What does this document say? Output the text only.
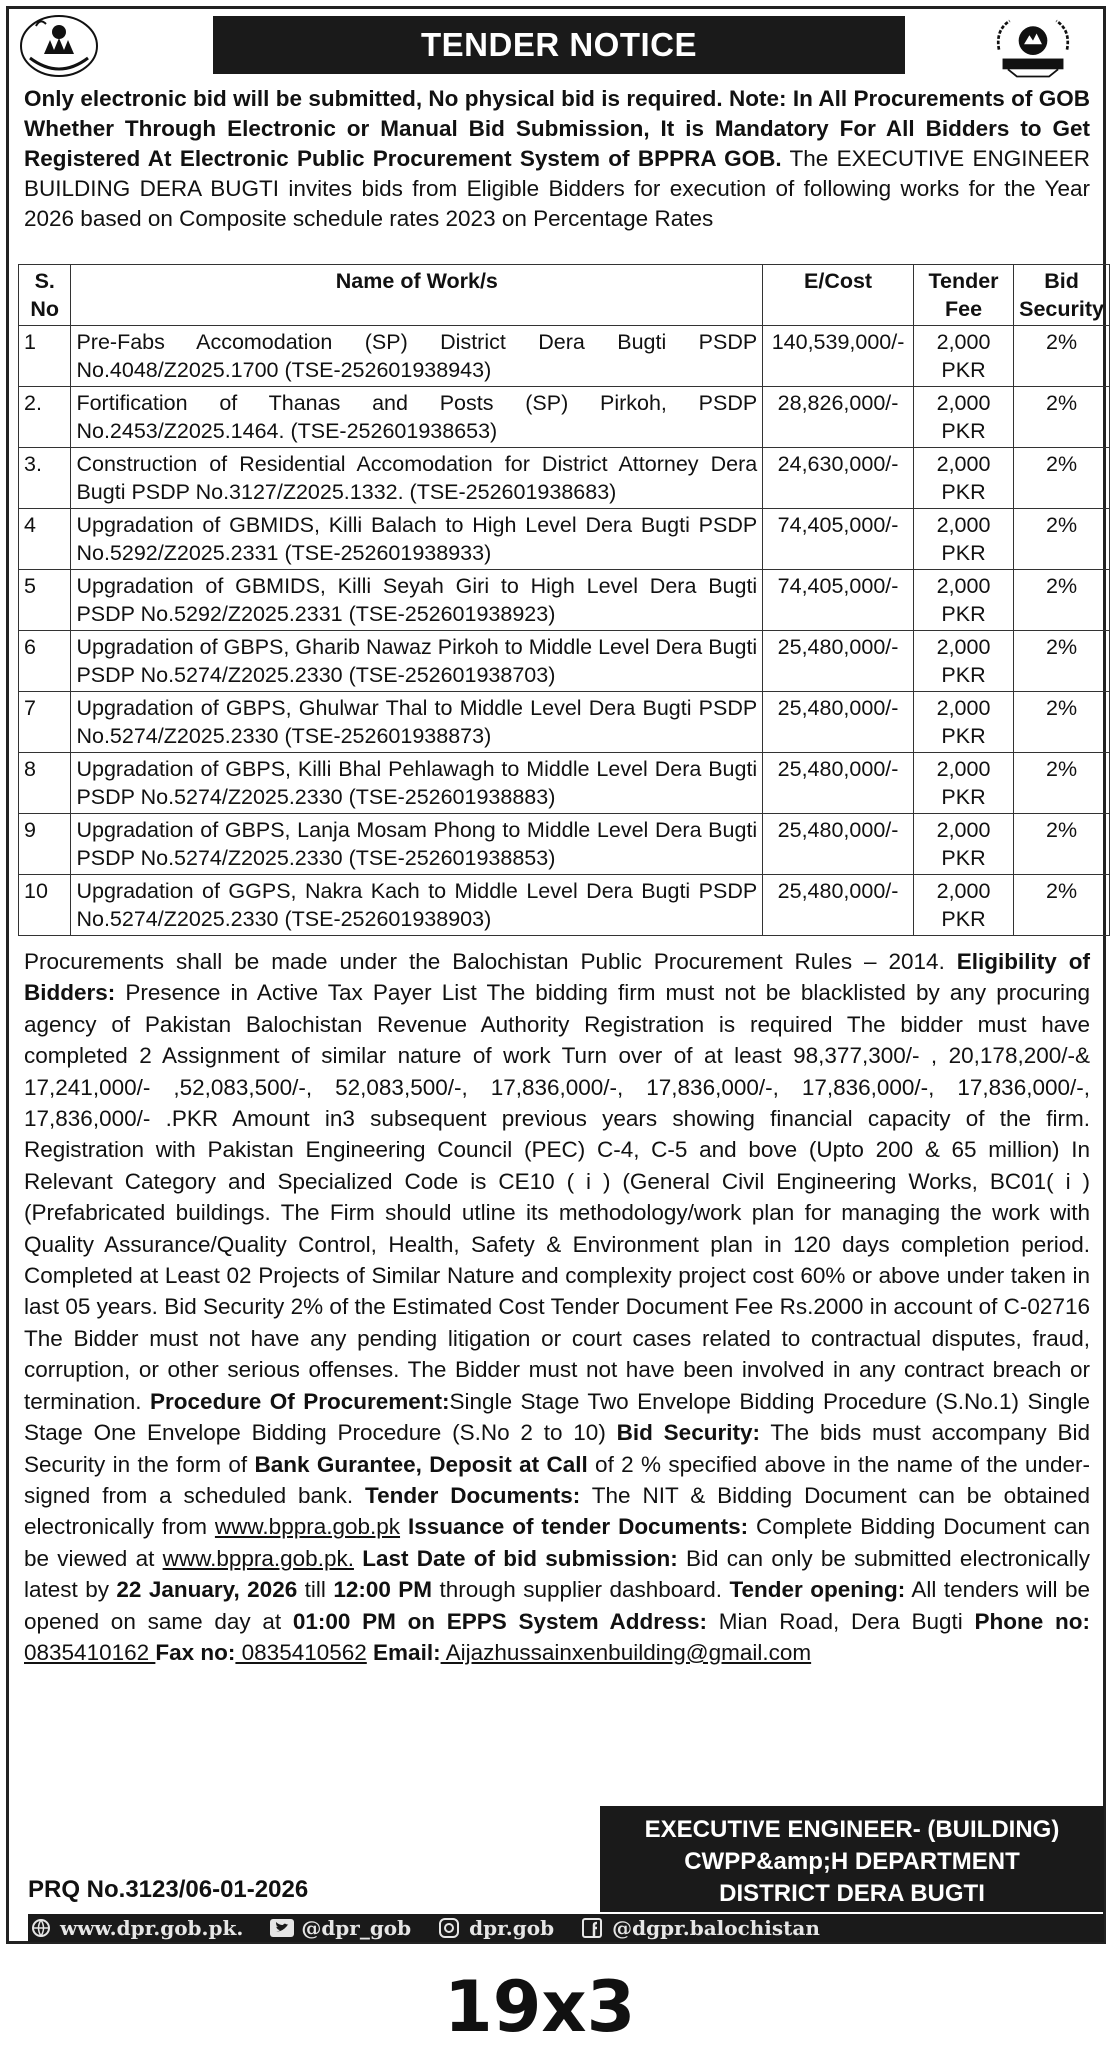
TENDER NOTICE
Only electronic bid will be submitted, No physical bid is required. Note: In All Procurements of GOB Whether Through Electronic or Manual Bid Submission, It is Mandatory For All Bidders to Get Registered At Electronic Public Procurement System of BPPRA GOB. The EXECUTIVE ENGINEER BUILDING DERA BUGTI invites bids from Eligible Bidders for execution of following works for the Year 2026 based on Composite schedule rates 2023 on Percentage Rates
S. No	Name of Work/s	E/Cost	Tender Fee	Bid Security
1	Pre-Fabs Accomodation (SP) District Dera Bugti PSDP No.4048/Z2025.1700 (TSE-252601938943)	140,539,000/-	2,000 PKR	2%
2.	Fortification of Thanas and Posts (SP) Pirkoh, PSDP No.2453/Z2025.1464. (TSE-252601938653)	28,826,000/-	2,000 PKR	2%
3.	Construction of Residential Accomodation for District Attorney Dera Bugti PSDP No.3127/Z2025.1332. (TSE-252601938683)	24,630,000/-	2,000 PKR	2%
4	Upgradation of GBMIDS, Killi Balach to High Level Dera Bugti PSDP No.5292/Z2025.2331 (TSE-252601938933)	74,405,000/-	2,000 PKR	2%
5	Upgradation of GBMIDS, Killi Seyah Giri to High Level Dera Bugti PSDP No.5292/Z2025.2331 (TSE-252601938923)	74,405,000/-	2,000 PKR	2%
6	Upgradation of GBPS, Gharib Nawaz Pirkoh to Middle Level Dera Bugti PSDP No.5274/Z2025.2330 (TSE-252601938703)	25,480,000/-	2,000 PKR	2%
7	Upgradation of GBPS, Ghulwar Thal to Middle Level Dera Bugti PSDP No.5274/Z2025.2330 (TSE-252601938873)	25,480,000/-	2,000 PKR	2%
8	Upgradation of GBPS, Killi Bhal Pehlawagh to Middle Level Dera Bugti PSDP No.5274/Z2025.2330 (TSE-252601938883)	25,480,000/-	2,000 PKR	2%
9	Upgradation of GBPS, Lanja Mosam Phong to Middle Level Dera Bugti PSDP No.5274/Z2025.2330 (TSE-252601938853)	25,480,000/-	2,000 PKR	2%
10	Upgradation of GGPS, Nakra Kach to Middle Level Dera Bugti PSDP No.5274/Z2025.2330 (TSE-252601938903)	25,480,000/-	2,000 PKR	2%
Procurements shall be made under the Balochistan Public Procurement Rules – 2014. Eligibility of Bidders: Presence in Active Tax Payer List The bidding firm must not be blacklisted by any procuring agency of Pakistan Balochistan Revenue Authority Registration is required The bidder must have completed 2 Assignment of similar nature of work Turn over of at least 98,377,300/- , 20,178,200/-& 17,241,000/- ,52,083,500/-, 52,083,500/-, 17,836,000/-, 17,836,000/-, 17,836,000/-, 17,836,000/-, 17,836,000/- .PKR Amount in3 subsequent previous years showing financial capacity of the firm. Registration with Pakistan Engineering Council (PEC) C-4, C-5 and bove (Upto 200 & 65 million) In Relevant Category and Specialized Code is CE10 ( i ) (General Civil Engineering Works, BC01( i ) (Prefabricated buildings. The Firm should utline its methodology/work plan for managing the work with Quality Assurance/Quality Control, Health, Safety & Environment plan in 120 days completion period. Completed at Least 02 Projects of Similar Nature and complexity project cost 60% or above under taken in last 05 years. Bid Security 2% of the Estimated Cost Tender Document Fee Rs.2000 in account of C-02716 The Bidder must not have any pending litigation or court cases related to contractual disputes, fraud, corruption, or other serious offenses. The Bidder must not have been involved in any contract breach or termination. Procedure Of Procurement:Single Stage Two Envelope Bidding Procedure (S.No.1) Single Stage One Envelope Bidding Procedure (S.No 2 to 10) Bid Security: The bids must accompany Bid Security in the form of Bank Gurantee, Deposit at Call of 2 % specified above in the name of the under-signed from a scheduled bank. Tender Documents: The NIT & Bidding Document can be obtained electronically from www.bppra.gob.pk Issuance of tender Documents: Complete Bidding Document can be viewed at www.bppra.gob.pk. Last Date of bid submission: Bid can only be submitted electronically latest by 22 January, 2026 till 12:00 PM through supplier dashboard. Tender opening: All tenders will be opened on same day at 01:00 PM on EPPS System Address: Mian Road, Dera Bugti Phone no: 0835410162 Fax no: 0835410562 Email: Aijazhussainxenbuilding@gmail.com
EXECUTIVE ENGINEER- (BUILDING)
CWPP&amp;H DEPARTMENT
DISTRICT DERA BUGTI
PRQ No.3123/06-01-2026
www.dpr.gob.pk.	@dpr_gob	dpr.gob	@dgpr.balochistan
19x3
